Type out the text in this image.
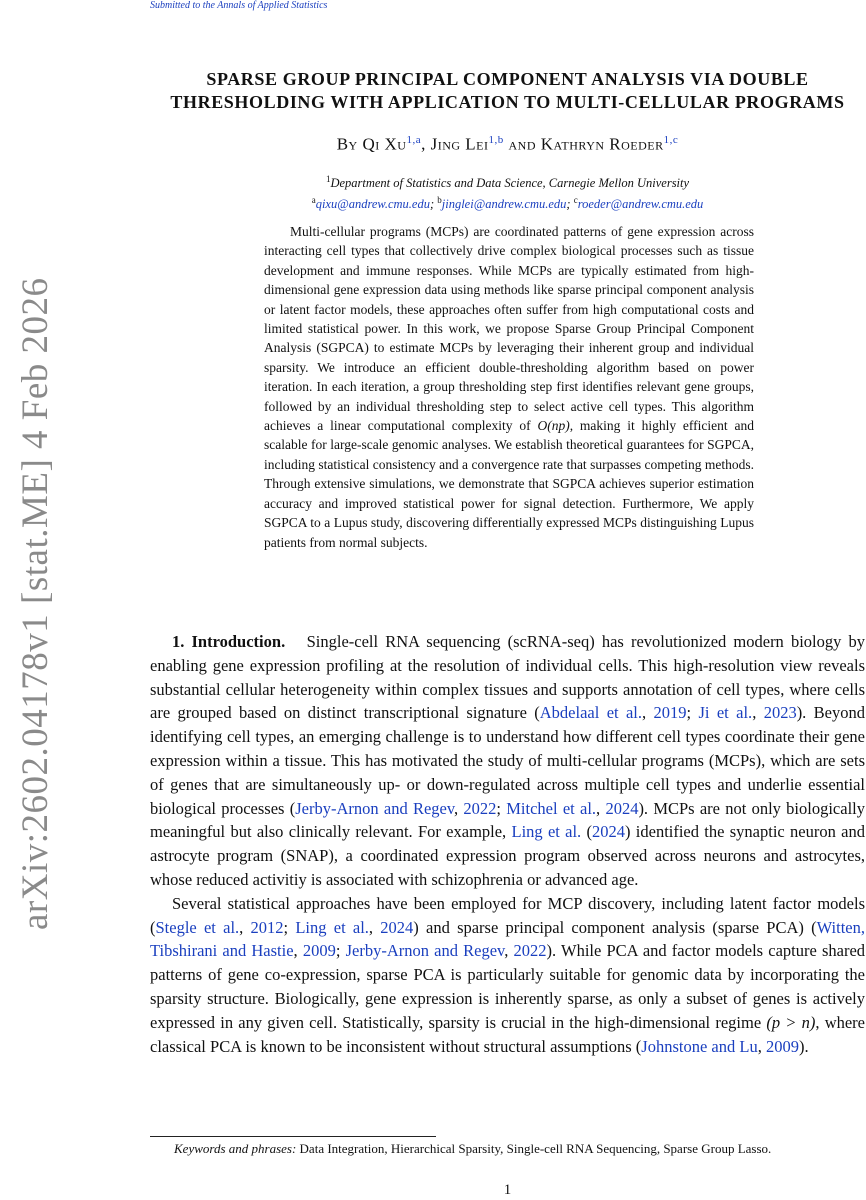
Submitted to the Annals of Applied Statistics
arXiv:2602.04178v1 [stat.ME] 4 Feb 2026
SPARSE GROUP PRINCIPAL COMPONENT ANALYSIS VIA DOUBLE
THRESHOLDING WITH APPLICATION TO MULTI-CELLULAR PROGRAMS
By Qi Xu$^{1,a}$, Jing Lei$^{1,b}$ and Kathryn Roeder$^{1,c}$
$^1$Department of Statistics and Data Science, Carnegie Mellon University
$^a$qixu@andrew.cmu.edu; $^b$jinglei@andrew.cmu.edu; $^c$roeder@andrew.cmu.edu

Multi-cellular programs (MCPs) are coordinated patterns of gene expression across interacting cell types that collectively drive complex biological processes such as tissue development and immune responses. While MCPs are typically estimated from high-dimensional gene expression data using methods like sparse principal component analysis or latent factor models, these approaches often suffer from high computational costs and limited statistical power. In this work, we propose Sparse Group Principal Component Analysis (SGPCA) to estimate MCPs by leveraging their inherent group and individual sparsity. We introduce an efficient double-thresholding algorithm based on power iteration. In each iteration, a group thresholding step first identifies relevant gene groups, followed by an individual thresholding step to select active cell types. This algorithm achieves a linear computational complexity of O(np), making it highly efficient and scalable for large-scale genomic analyses. We establish theoretical guarantees for SGPCA, including statistical consistency and a convergence rate that surpasses competing methods. Through extensive simulations, we demonstrate that SGPCA achieves superior estimation accuracy and improved statistical power for signal detection. Furthermore, We apply SGPCA to a Lupus study, discovering differentially expressed MCPs distinguishing Lupus patients from normal subjects.

1. Introduction. Single-cell RNA sequencing (scRNA-seq) has revolutionized modern biology by enabling gene expression profiling at the resolution of individual cells. This high-resolution view reveals substantial cellular heterogeneity within complex tissues and supports annotation of cell types, where cells are grouped based on distinct transcriptional signature (Abdelaal et al., 2019; Ji et al., 2023). Beyond identifying cell types, an emerging challenge is to understand how different cell types coordinate their gene expression within a tissue. This has motivated the study of multi-cellular programs (MCPs), which are sets of genes that are simultaneously up- or down-regulated across multiple cell types and underlie essential biological processes (Jerby-Arnon and Regev, 2022; Mitchel et al., 2024). MCPs are not only biologically meaningful but also clinically relevant. For example, Ling et al. (2024) identified the synaptic neuron and astrocyte program (SNAP), a coordinated expression program observed across neurons and astrocytes, whose reduced activitiy is associated with schizophrenia or advanced age.

Several statistical approaches have been employed for MCP discovery, including latent factor models (Stegle et al., 2012; Ling et al., 2024) and sparse principal component analysis (sparse PCA) (Witten, Tibshirani and Hastie, 2009; Jerby-Arnon and Regev, 2022). While PCA and factor models capture shared patterns of gene co-expression, sparse PCA is particularly suitable for genomic data by incorporating the sparsity structure. Biologically, gene expression is inherently sparse, as only a subset of genes is actively expressed in any given cell. Statistically, sparsity is crucial in the high-dimensional regime (p > n), where classical PCA is known to be inconsistent without structural assumptions (Johnstone and Lu, 2009).

Keywords and phrases: Data Integration, Hierarchical Sparsity, Single-cell RNA Sequencing, Sparse Group Lasso.
1
